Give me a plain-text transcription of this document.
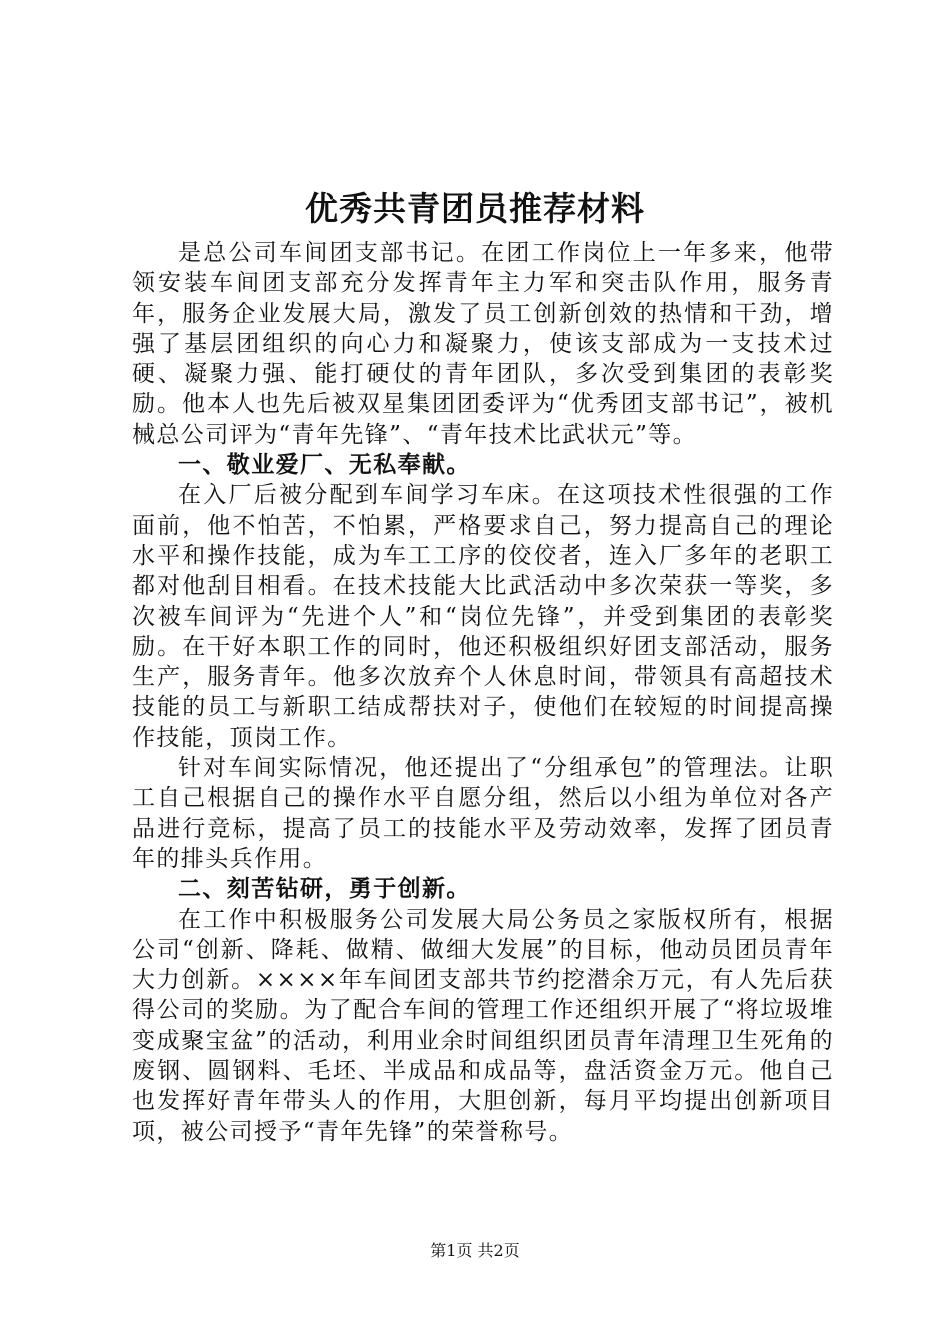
优秀共青团员推荐材料

是总公司车间团支部书记。在团工作岗位上一年多来，他带领安装车间团支部充分发挥青年主力军和突击队作用，服务青年，服务企业发展大局，激发了员工创新创效的热情和干劲，增强了基层团组织的向心力和凝聚力，使该支部成为一支技术过硬、凝聚力强、能打硬仗的青年团队，多次受到集团的表彰奖励。他本人也先后被双星集团团委评为“优秀团支部书记”，被机械总公司评为“青年先锋”、“青年技术比武状元”等。

一、敬业爱厂、无私奉献。

在入厂后被分配到车间学习车床。在这项技术性很强的工作面前，他不怕苦，不怕累，严格要求自己，努力提高自己的理论水平和操作技能，成为车工工序的佼佼者，连入厂多年的老职工都对他刮目相看。在技术技能大比武活动中多次荣获一等奖，多次被车间评为“先进个人”和“岗位先锋”，并受到集团的表彰奖励。在干好本职工作的同时，他还积极组织好团支部活动，服务生产，服务青年。他多次放弃个人休息时间，带领具有高超技术技能的员工与新职工结成帮扶对子，使他们在较短的时间提高操作技能，顶岗工作。

针对车间实际情况，他还提出了“分组承包”的管理法。让职工自己根据自己的操作水平自愿分组，然后以小组为单位对各产品进行竞标，提高了员工的技能水平及劳动效率，发挥了团员青年的排头兵作用。

二、刻苦钻研，勇于创新。

在工作中积极服务公司发展大局公务员之家版权所有，根据公司“创新、降耗、做精、做细大发展”的目标，他动员团员青年大力创新。××××年车间团支部共节约挖潜余万元，有人先后获得公司的奖励。为了配合车间的管理工作还组织开展了“将垃圾堆变成聚宝盆”的活动，利用业余时间组织团员青年清理卫生死角的废钢、圆钢料、毛坯、半成品和成品等，盘活资金万元。他自己也发挥好青年带头人的作用，大胆创新，每月平均提出创新项目项，被公司授予“青年先锋”的荣誉称号。

第1页 共2页
